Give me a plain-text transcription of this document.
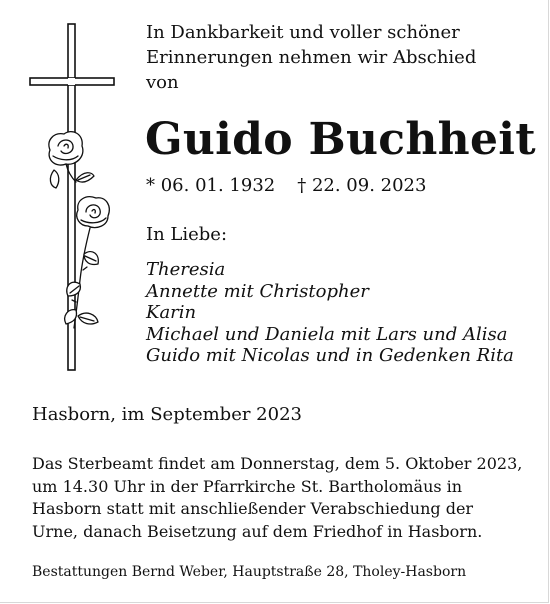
In Dankbarkeit und voller schöner
Erinnerungen nehmen wir Abschied
von
Guido Buchheit
* 06. 01. 1932 † 22. 09. 2023
In Liebe:
Theresia
Annette mit Christopher
Karin
Michael und Daniela mit Lars und Alisa
Guido mit Nicolas und in Gedenken Rita
Hasborn, im September 2023
Das Sterbeamt findet am Donnerstag, dem 5. Oktober 2023,
um 14.30 Uhr in der Pfarrkirche St. Bartholomäus in
Hasborn statt mit anschließender Verabschiedung der
Urne, danach Beisetzung auf dem Friedhof in Hasborn.
Bestattungen Bernd Weber, Hauptstraße 28, Tholey-Hasborn
